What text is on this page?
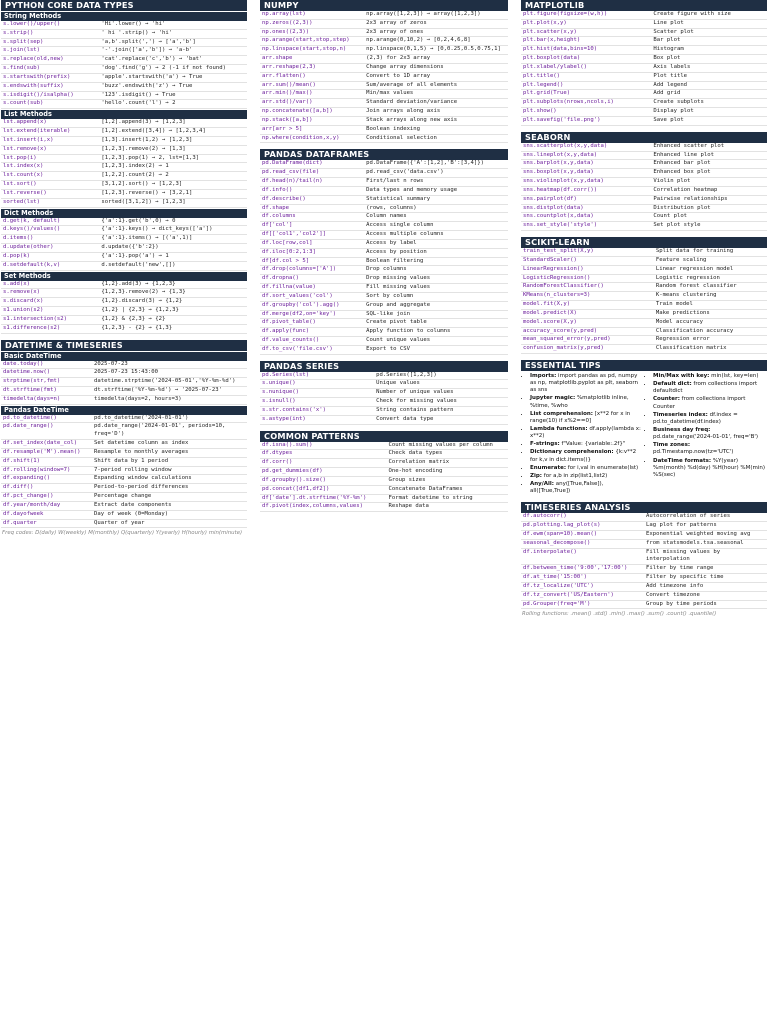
PYTHON CORE DATA TYPES
String Methods
s.lower()/upper()	'Hi'.lower() → 'hi'
s.strip()	' hi '.strip() → 'hi'
s.split(sep)	'a,b'.split(',') → ['a','b']
s.join(lst)	'-'.join(['a','b']) → 'a-b'
s.replace(old,new)	'cat'.replace('c','b') → 'bat'
s.find(sub)	'dog'.find('g') → 2 (-1 if not found)
s.startswith(prefix)	'apple'.startswith('a') → True
s.endswith(suffix)	'buzz'.endswith('z') → True
s.isdigit()/isalpha()	'123'.isdigit() → True
s.count(sub)	'hello'.count('l') → 2
List Methods
lst.append(x)	[1,2].append(3) → [1,2,3]
lst.extend(iterable)	[1,2].extend([3,4]) → [1,2,3,4]
lst.insert(i,x)	[1,3].insert(1,2) → [1,2,3]
lst.remove(x)	[1,2,3].remove(2) → [1,3]
lst.pop(i)	[1,2,3].pop(1) → 2, lst=[1,3]
lst.index(x)	[1,2,3].index(2) → 1
lst.count(x)	[1,2,2].count(2) → 2
lst.sort()	[3,1,2].sort() → [1,2,3]
lst.reverse()	[1,2,3].reverse() → [3,2,1]
sorted(lst)	sorted([3,1,2]) → [1,2,3]
Dict Methods
d.get(k, default)	{'a':1}.get('b',0) → 0
d.keys()/values()	{'a':1}.keys() → dict_keys(['a'])
d.items()	{'a':1}.items() → [('a',1)]
d.update(other)	d.update({'b':2})
d.pop(k)	{'a':1}.pop('a') → 1
d.setdefault(k,v)	d.setdefault('new',[])
Set Methods
s.add(x)	{1,2}.add(3) → {1,2,3}
s.remove(x)	{1,2,3}.remove(2) → {1,3}
s.discard(x)	{1,2}.discard(3) → {1,2}
s1.union(s2)	{1,2} | {2,3} → {1,2,3}
s1.intersection(s2)	{1,2} & {2,3} → {2}
s1.difference(s2)	{1,2,3} - {2} → {1,3}
DATETIME & TIMESERIES
Basic DateTime
date.today()	2025-07-23
datetime.now()	2025-07-23 15:43:00
strptime(str,fmt)	datetime.strptime('2024-05-01','%Y-%m-%d')
dt.strftime(fmt)	dt.strftime('%Y-%m-%d') → '2025-07-23'
timedelta(days=n)	timedelta(days=2, hours=3)
Pandas DateTime
pd.to_datetime()	pd.to_datetime('2024-01-01')
pd.date_range()	pd.date_range('2024-01-01', periods=10, freq='D')
df.set_index(date_col)	Set datetime column as index
df.resample('M').mean()	Resample to monthly averages
df.shift(1)	Shift data by 1 period
df.rolling(window=7)	7-period rolling window
df.expanding()	Expanding window calculations
df.diff()	Period-to-period differences
df.pct_change()	Percentage change
df.year/month/day	Extract date components
df.dayofweek	Day of week (0=Monday)
df.quarter	Quarter of year
Freq codes: D(daily) W(weekly) M(monthly) Q(quarterly) Y(yearly) H(hourly) min(minute)
NUMPY
np.array(lst)	np.array([1,2,3]) → array([1,2,3])
np.zeros((2,3))	2x3 array of zeros
np.ones((2,3))	2x3 array of ones
np.arange(start,stop,step)	np.arange(0,10,2) → [0,2,4,6,8]
np.linspace(start,stop,n)	np.linspace(0,1,5) → [0,0.25,0.5,0.75,1]
arr.shape	(2,3) for 2x3 array
arr.reshape(2,3)	Change array dimensions
arr.flatten()	Convert to 1D array
arr.sum()/mean()	Sum/average of all elements
arr.min()/max()	Min/max values
arr.std()/var()	Standard deviation/variance
np.concatenate([a,b])	Join arrays along axis
np.stack([a,b])	Stack arrays along new axis
arr[arr > 5]	Boolean indexing
np.where(condition,x,y)	Conditional selection
PANDAS DATAFRAMES
pd.DataFrame(dict)	pd.DataFrame({'A':[1,2],'B':[3,4]})
pd.read_csv(file)	pd.read_csv('data.csv')
df.head(n)/tail(n)	First/last n rows
df.info()	Data types and memory usage
df.describe()	Statistical summary
df.shape	(rows, columns)
df.columns	Column names
df['col']	Access single column
df[['col1','col2']]	Access multiple columns
df.loc[row,col]	Access by label
df.iloc[0:2,1:3]	Access by position
df[df.col > 5]	Boolean filtering
df.drop(columns=['A'])	Drop columns
df.dropna()	Drop missing values
df.fillna(value)	Fill missing values
df.sort_values('col')	Sort by column
df.groupby('col').agg()	Group and aggregate
df.merge(df2,on='key')	SQL-like join
df.pivot_table()	Create pivot table
df.apply(func)	Apply function to columns
df.value_counts()	Count unique values
df.to_csv('file.csv')	Export to CSV
PANDAS SERIES
pd.Series(lst)	pd.Series([1,2,3])
s.unique()	Unique values
s.nunique()	Number of unique values
s.isnull()	Check for missing values
s.str.contains('x')	String contains pattern
s.astype(int)	Convert data type
COMMON PATTERNS
df.isna().sum()	Count missing values per column
df.dtypes	Check data types
df.corr()	Correlation matrix
pd.get_dummies(df)	One-hot encoding
df.groupby().size()	Group sizes
pd.concat([df1,df2])	Concatenate DataFrames
df['date'].dt.strftime('%Y-%m')	Format datetime to string
df.pivot(index,columns,values)	Reshape data
MATPLOTLIB
plt.figure(figsize=(w,h))	Create figure with size
plt.plot(x,y)	Line plot
plt.scatter(x,y)	Scatter plot
plt.bar(x,height)	Bar plot
plt.hist(data,bins=10)	Histogram
plt.boxplot(data)	Box plot
plt.xlabel/ylabel()	Axis labels
plt.title()	Plot title
plt.legend()	Add legend
plt.grid(True)	Add grid
plt.subplots(nrows,ncols,i)	Create subplots
plt.show()	Display plot
plt.savefig('file.png')	Save plot
SEABORN
sns.scatterplot(x,y,data)	Enhanced scatter plot
sns.lineplot(x,y,data)	Enhanced line plot
sns.barplot(x,y,data)	Enhanced bar plot
sns.boxplot(x,y,data)	Enhanced box plot
sns.violinplot(x,y,data)	Violin plot
sns.heatmap(df.corr())	Correlation heatmap
sns.pairplot(df)	Pairwise relationships
sns.distplot(data)	Distribution plot
sns.countplot(x,data)	Count plot
sns.set_style('style')	Set plot style
SCIKIT-LEARN
train_test_split(X,y)	Split data for training
StandardScaler()	Feature scaling
LinearRegression()	Linear regression model
LogisticRegression()	Logistic regression
RandomForestClassifier()	Random forest classifier
KMeans(n_clusters=3)	K-means clustering
model.fit(X,y)	Train model
model.predict(X)	Make predictions
model.score(X,y)	Model accuracy
accuracy_score(y,pred)	Classification accuracy
mean_squared_error(y,pred)	Regression error
confusion_matrix(y,pred)	Classification matrix
ESSENTIAL TIPS
• Imports: import pandas as pd, numpy as np, matplotlib.pyplot as plt, seaborn as sns
• Jupyter magic: %matplotlib inline, %time, %who
• List comprehension: [x**2 for x in range(10) if x%2==0]
• Lambda functions: df.apply(lambda x: x**2)
• F-strings: f"Value: {variable:.2f}"
• Dictionary comprehension: {k:v**2 for k,v in dict.items()}
• Enumerate: for i,val in enumerate(lst)
• Zip: for a,b in zip(list1,list2)
• Any/All: any([True,False]), all([True,True])
• Min/Max with key: min(lst, key=len)
• Default dict: from collections import defaultdict
• Counter: from collections import Counter
• Timeseries index: df.index = pd.to_datetime(df.index)
• Business day freq: pd.date_range('2024-01-01', freq='B')
• Time zones: pd.Timestamp.now(tz='UTC')
• DateTime formats: %Y(year) %m(month) %d(day) %H(hour) %M(min) %S(sec)
TIMESERIES ANALYSIS
df.autocorr()	Autocorrelation of series
pd.plotting.lag_plot(s)	Lag plot for patterns
df.ewm(span=10).mean()	Exponential weighted moving avg
seasonal_decompose()	from statsmodels.tsa.seasonal
df.interpolate()	Fill missing values by interpolation
df.between_time('9:00','17:00')	Filter by time range
df.at_time('15:00')	Filter by specific time
df.tz_localize('UTC')	Add timezone info
df.tz_convert('US/Eastern')	Convert timezone
pd.Grouper(freq='M')	Group by time periods
Rolling functions: .mean() .std() .min() .max() .sum() .count() .quantile()
